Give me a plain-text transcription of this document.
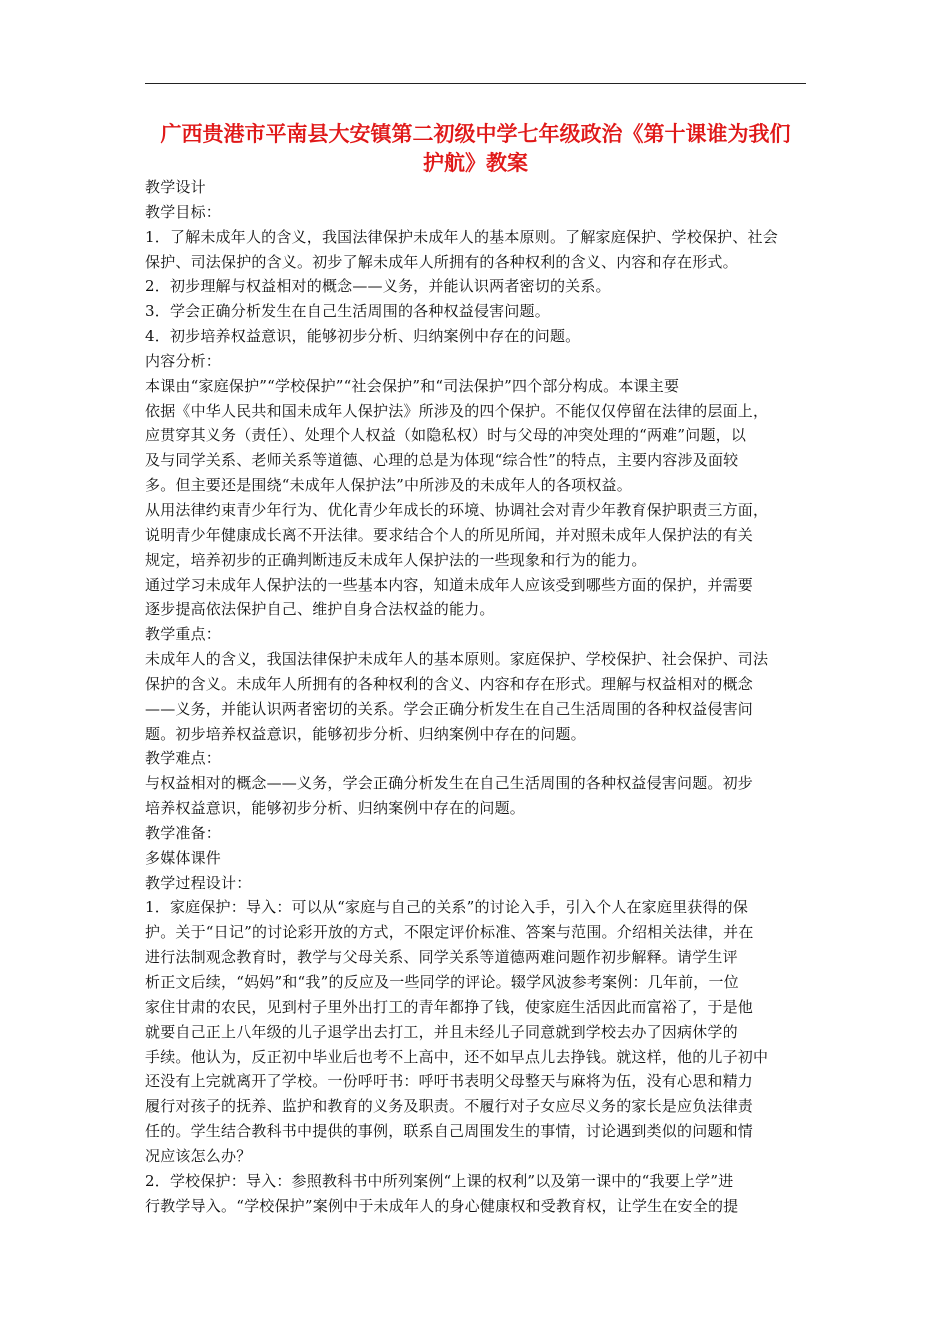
广西贵港市平南县大安镇第二初级中学七年级政治《第十课谁为我们
护航》教案
教学设计
教学目标：
1．了解未成年人的含义，我国法律保护未成年人的基本原则。了解家庭保护、学校保护、社会
保护、司法保护的含义。初步了解未成年人所拥有的各种权利的含义、内容和存在形式。
2．初步理解与权益相对的概念——义务，并能认识两者密切的关系。
3．学会正确分析发生在自己生活周围的各种权益侵害问题。
4．初步培养权益意识，能够初步分析、归纳案例中存在的问题。
内容分析：
本课由“家庭保护”“学校保护”“社会保护”和“司法保护”四个部分构成。本课主要
依据《中华人民共和国未成年人保护法》所涉及的四个保护。不能仅仅停留在法律的层面上，
应贯穿其义务（责任）、处理个人权益（如隐私权）时与父母的冲突处理的“两难”问题，以
及与同学关系、老师关系等道德、心理的总是为体现“综合性”的特点，主要内容涉及面较
多。但主要还是围绕“未成年人保护法”中所涉及的未成年人的各项权益。
从用法律约束青少年行为、优化青少年成长的环境、协调社会对青少年教育保护职责三方面，
说明青少年健康成长离不开法律。要求结合个人的所见所闻，并对照未成年人保护法的有关
规定，培养初步的正确判断违反未成年人保护法的一些现象和行为的能力。
通过学习未成年人保护法的一些基本内容，知道未成年人应该受到哪些方面的保护，并需要
逐步提高依法保护自己、维护自身合法权益的能力。
教学重点：
未成年人的含义，我国法律保护未成年人的基本原则。家庭保护、学校保护、社会保护、司法
保护的含义。未成年人所拥有的各种权利的含义、内容和存在形式。理解与权益相对的概念
——义务，并能认识两者密切的关系。学会正确分析发生在自己生活周围的各种权益侵害问
题。初步培养权益意识，能够初步分析、归纳案例中存在的问题。
教学难点：
与权益相对的概念——义务，学会正确分析发生在自己生活周围的各种权益侵害问题。初步
培养权益意识，能够初步分析、归纳案例中存在的问题。
教学准备：
多媒体课件
教学过程设计：
1．家庭保护：导入：可以从“家庭与自己的关系”的讨论入手，引入个人在家庭里获得的保
护。关于“日记”的讨论彩开放的方式，不限定评价标准、答案与范围。介绍相关法律，并在
进行法制观念教育时，教学与父母关系、同学关系等道德两难问题作初步解释。请学生评
析正文后续，“妈妈”和“我”的反应及一些同学的评论。辍学风波参考案例：几年前，一位
家住甘肃的农民，见到村子里外出打工的青年都挣了钱，使家庭生活因此而富裕了，于是他
就要自己正上八年级的儿子退学出去打工，并且未经儿子同意就到学校去办了因病休学的
手续。他认为，反正初中毕业后也考不上高中，还不如早点儿去挣钱。就这样，他的儿子初中
还没有上完就离开了学校。一份呼吁书：呼吁书表明父母整天与麻将为伍，没有心思和精力
履行对孩子的抚养、监护和教育的义务及职责。不履行对子女应尽义务的家长是应负法律责
任的。学生结合教科书中提供的事例，联系自己周围发生的事情，讨论遇到类似的问题和情
况应该怎么办？
2．学校保护：导入：参照教科书中所列案例“上课的权利”以及第一课中的“我要上学”进
行教学导入。“学校保护”案例中于未成年人的身心健康权和受教育权，让学生在安全的提
